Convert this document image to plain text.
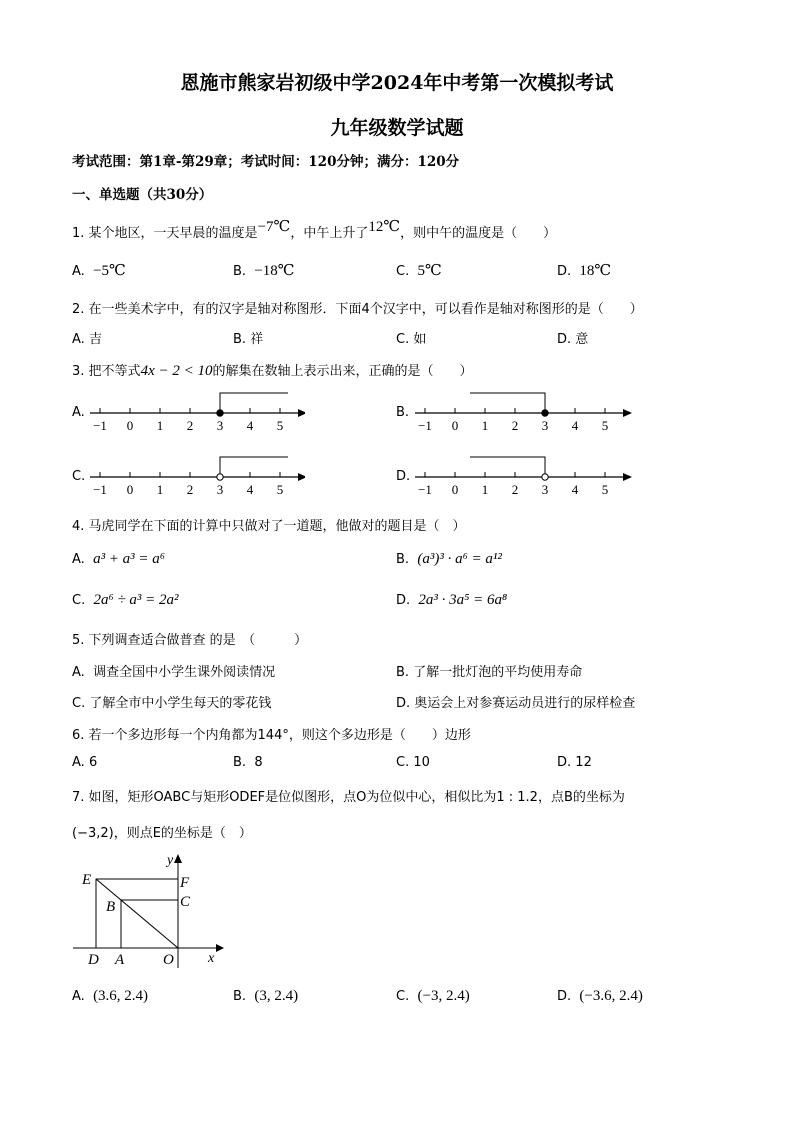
恩施市熊家岩初级中学2024年中考第一次模拟考试
九年级数学试题
考试范围：第1章-第29章；考试时间：120分钟；满分：120分
一、单选题（共30分）
1. 某个地区，一天早晨的温度是−7℃，中午上升了12℃，则中午的温度是（　　）
A. −5℃	B. −18℃	C. 5℃	D. 18℃
2. 在一些美术字中，有的汉字是轴对称图形．下面4个汉字中，可以看作是轴对称图形的是（　　）
A. 吉	B. 祥	C. 如	D. 意
3. 把不等式4x − 2 < 10的解集在数轴上表示出来，正确的是（　　）
A.	B.
C.	D.
−1 0 1 2 3 4 5	−1 0 1 2 3 4 5
−1 0 1 2 3 4 5	−1 0 1 2 3 4 5
4. 马虎同学在下面的计算中只做对了一道题，他做对的题目是（　）
A. a³ + a³ = a⁶	B. (a³)³ · a⁶ = a¹²
C. 2a⁶ ÷ a³ = 2a²	D. 2a³ · 3a⁵ = 6a⁸
5. 下列调查适合做普查 的是　（　　　）
A. 调查全国中小学生课外阅读情况	B. 了解一批灯泡的平均使用寿命
C. 了解全市中小学生每天的零花钱	D. 奥运会上对参赛运动员进行的尿样检查
6. 若一个多边形每一个内角都为144°，则这个多边形是（　　）边形
A. 6	B. 8	C. 10	D. 12
7. 如图，矩形OABC与矩形ODEF是位似图形，点O为位似中心，相似比为1 : 1.2，点B的坐标为
(−3,2)，则点E的坐标是（　）
E	F
B	C
D A	O x
y
A. (3.6, 2.4)	B. (3, 2.4)	C. (−3, 2.4)	D. (−3.6, 2.4)
